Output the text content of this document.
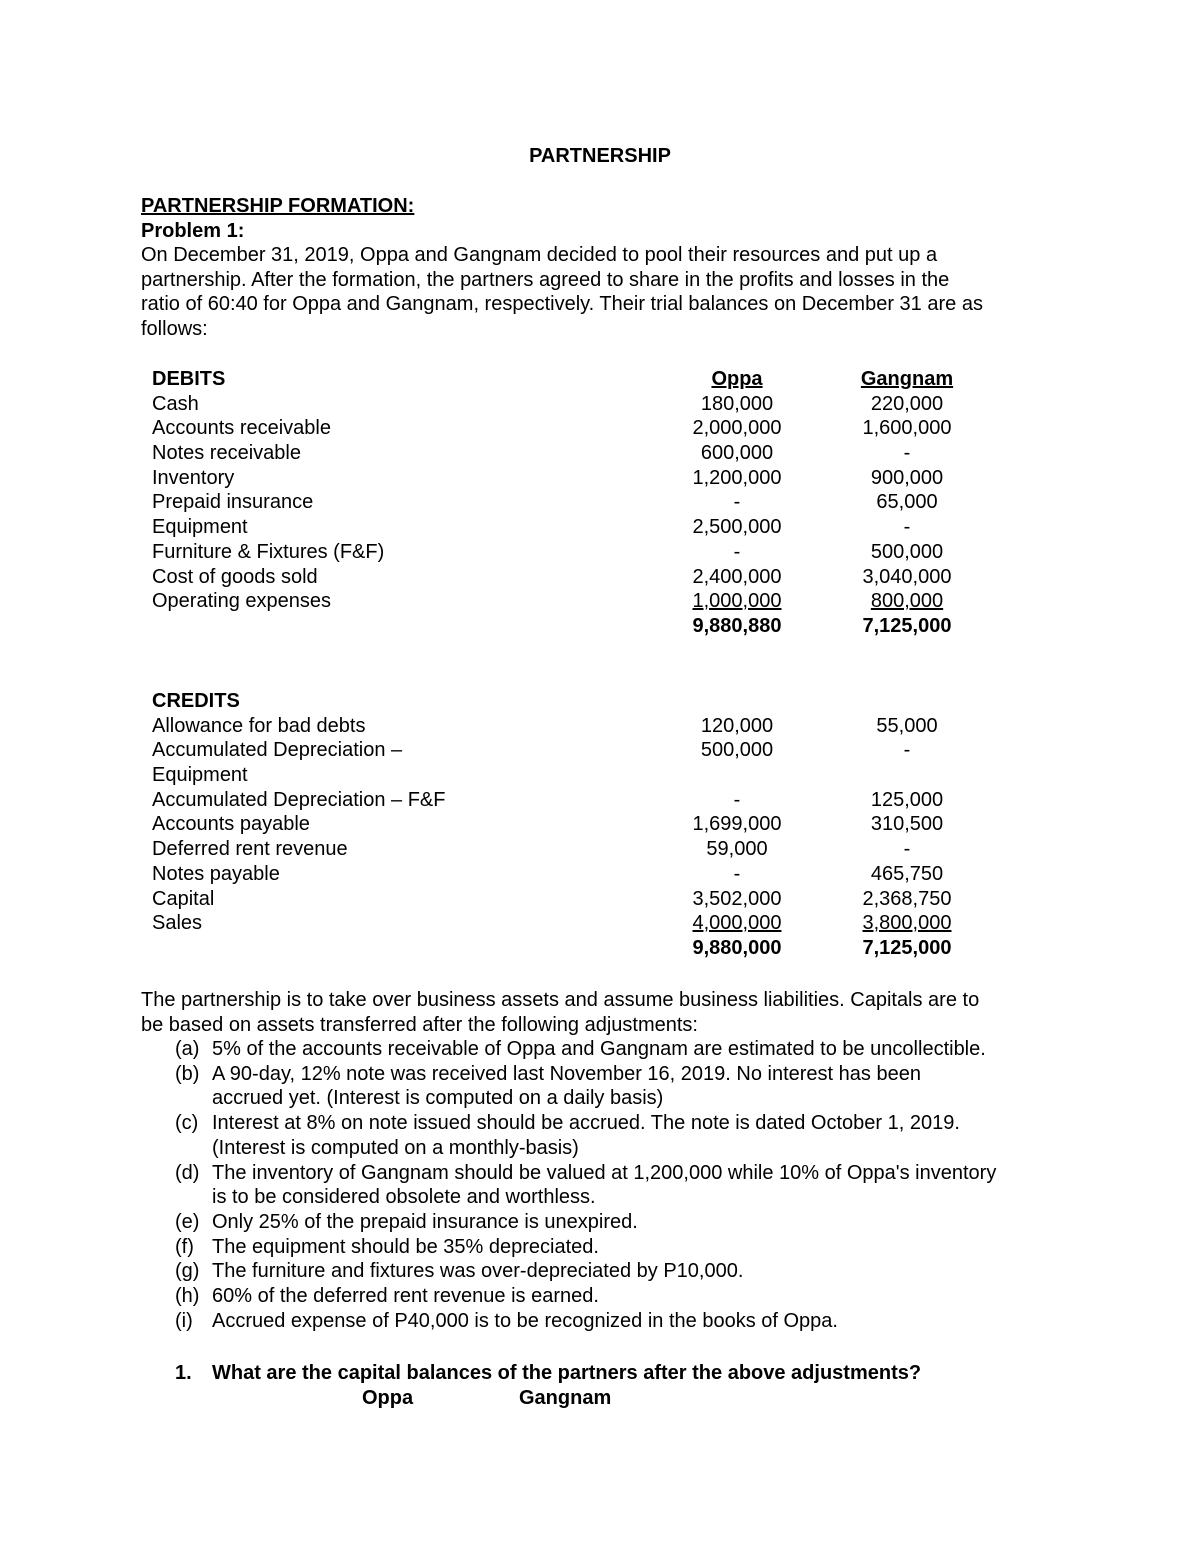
PARTNERSHIP
PARTNERSHIP FORMATION:
Problem 1:

On December 31, 2019, Oppa and Gangnam decided to pool their resources and put up a
partnership. After the formation, the partners agreed to share in the profits and losses in the
ratio of 60:40 for Oppa and Gangnam, respectively. Their trial balances on December 31 are as
follows:

DEBITS	Oppa	Gangnam
Cash	180,000	220,000
Accounts receivable	2,000,000	1,600,000
Notes receivable	600,000	-
Inventory	1,200,000	900,000
Prepaid insurance	-	65,000
Equipment	2,500,000	-
Furniture & Fixtures (F&F)	-	500,000
Cost of goods sold	2,400,000	3,040,000
Operating expenses	1,000,000	800,000
9,880,880	7,125,000
CREDITS
Allowance for bad debts	120,000	55,000
Accumulated Depreciation –	500,000	-
Equipment
Accumulated Depreciation – F&F	-	125,000
Accounts payable	1,699,000	310,500
Deferred rent revenue	59,000	-
Notes payable	-	465,750
Capital	3,502,000	2,368,750
Sales	4,000,000	3,800,000
9,880,000	7,125,000

The partnership is to take over business assets and assume business liabilities. Capitals are to
be based on assets transferred after the following adjustments:

(a) 5% of the accounts receivable of Oppa and Gangnam are estimated to be uncollectible.
(b) A 90-day, 12% note was received last November 16, 2019. No interest has been
accrued yet. (Interest is computed on a daily basis)
(c) Interest at 8% on note issued should be accrued. The note is dated October 1, 2019.
(Interest is computed on a monthly-basis)
(d) The inventory of Gangnam should be valued at 1,200,000 while 10% of Oppa's inventory
is to be considered obsolete and worthless.
(e) Only 25% of the prepaid insurance is unexpired.
(f) The equipment should be 35% depreciated.
(g) The furniture and fixtures was over-depreciated by P10,000.
(h) 60% of the deferred rent revenue is earned.
(i) Accrued expense of P40,000 is to be recognized in the books of Oppa.
1. What are the capital balances of the partners after the above adjustments?
Oppa	Gangnam
